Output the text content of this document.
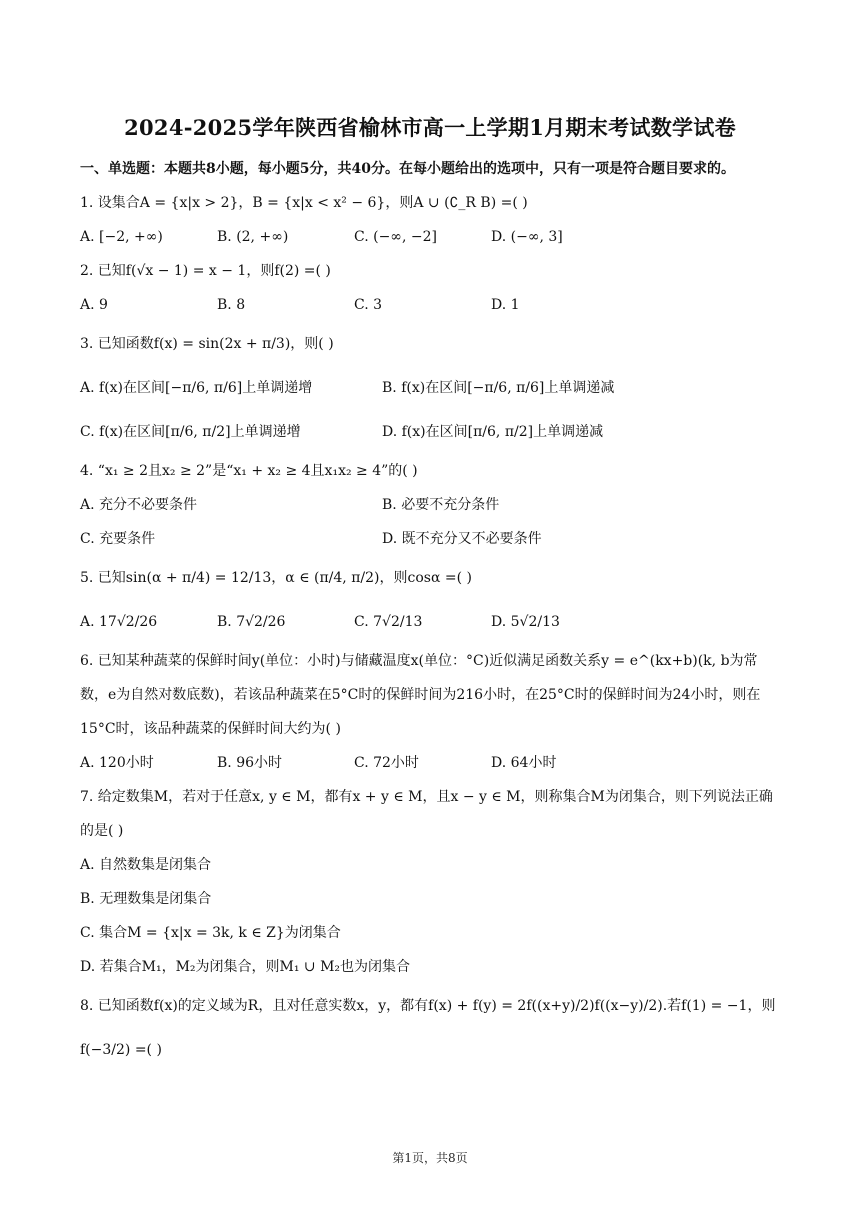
2024-2025学年陕西省榆林市高一上学期1月期末考试数学试卷
一、单选题：本题共8小题，每小题5分，共40分。在每小题给出的选项中，只有一项是符合题目要求的。
1. 设集合A = {x|x > 2}，B = {x|x < x² − 6}，则A ∪ (∁_R B) =( )
A. [−2, +∞)	B. (2, +∞)	C. (−∞, −2]	D. (−∞, 3]
2. 已知f(√x − 1) = x − 1，则f(2) =( )
A. 9	B. 8	C. 3	D. 1
3. 已知函数f(x) = sin(2x + π/3)，则( )
A. f(x)在区间[−π/6, π/6]上单调递增	B. f(x)在区间[−π/6, π/6]上单调递减
C. f(x)在区间[π/6, π/2]上单调递增	D. f(x)在区间[π/6, π/2]上单调递减
4. “x₁ ≥ 2且x₂ ≥ 2”是“x₁ + x₂ ≥ 4且x₁x₂ ≥ 4”的( )
A. 充分不必要条件	B. 必要不充分条件
C. 充要条件	D. 既不充分又不必要条件
5. 已知sin(α + π/4) = 12/13，α ∈ (π/4, π/2)，则cosα =( )
A. 17√2/26	B. 7√2/26	C. 7√2/13	D. 5√2/13
6. 已知某种蔬菜的保鲜时间y(单位：小时)与储藏温度x(单位：°C)近似满足函数关系y = e^(kx+b)(k, b为常数，e为自然对数底数)，若该品种蔬菜在5°C时的保鲜时间为216小时，在25°C时的保鲜时间为24小时，则在15°C时，该品种蔬菜的保鲜时间大约为( )
A. 120小时	B. 96小时	C. 72小时	D. 64小时
7. 给定数集M，若对于任意x, y ∈ M，都有x + y ∈ M，且x − y ∈ M，则称集合M为闭集合，则下列说法正确的是( )
A. 自然数集是闭集合
B. 无理数集是闭集合
C. 集合M = {x|x = 3k, k ∈ Z}为闭集合
D. 若集合M₁，M₂为闭集合，则M₁ ∪ M₂也为闭集合
8. 已知函数f(x)的定义域为R，且对任意实数x，y，都有f(x) + f(y) = 2f((x+y)/2)f((x−y)/2).若f(1) = −1，则f(−3/2) =( )
第1页，共8页
